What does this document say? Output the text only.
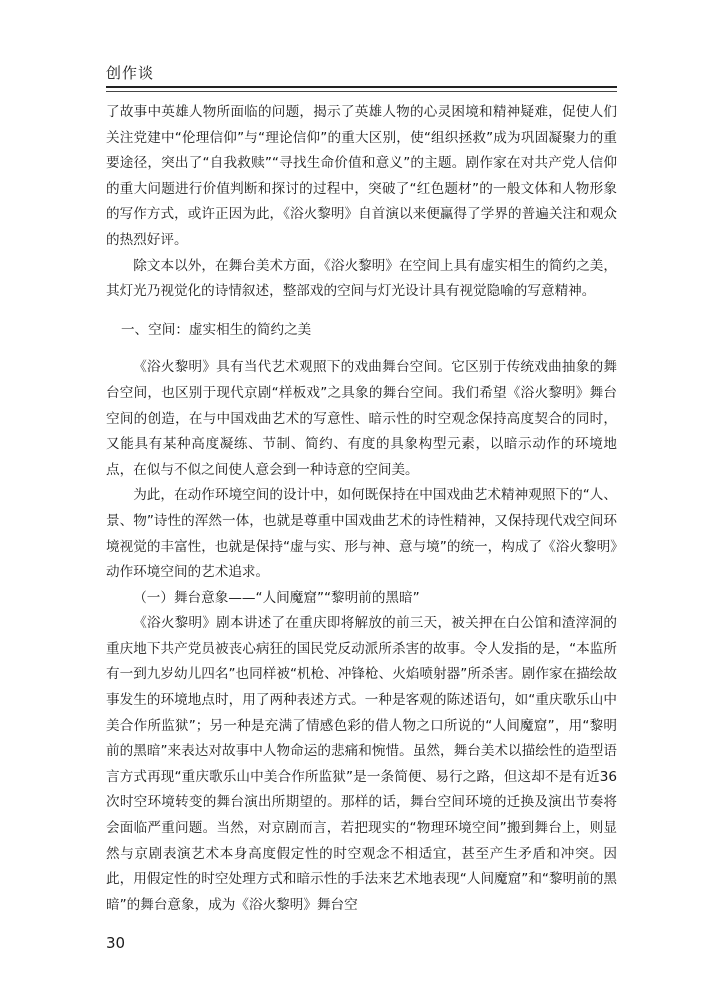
创作谈

了故事中英雄人物所面临的问题，揭示了英雄人物的心灵困境和精神疑难，促使人们关注党建中“伦理信仰”与“理论信仰”的重大区别，使“组织拯救”成为巩固凝聚力的重要途径，突出了“自我救赎”“寻找生命价值和意义”的主题。剧作家在对共产党人信仰的重大问题进行价值判断和探讨的过程中，突破了“红色题材”的一般文体和人物形象的写作方式，或许正因为此，《浴火黎明》自首演以来便赢得了学界的普遍关注和观众的热烈好评。

除文本以外，在舞台美术方面，《浴火黎明》在空间上具有虚实相生的简约之美，其灯光乃视觉化的诗情叙述，整部戏的空间与灯光设计具有视觉隐喻的写意精神。

一、空间：虚实相生的简约之美

《浴火黎明》具有当代艺术观照下的戏曲舞台空间。它区别于传统戏曲抽象的舞台空间，也区别于现代京剧“样板戏”之具象的舞台空间。我们希望《浴火黎明》舞台空间的创造，在与中国戏曲艺术的写意性、暗示性的时空观念保持高度契合的同时，又能具有某种高度凝练、节制、简约、有度的具象构型元素，以暗示动作的环境地点，在似与不似之间使人意会到一种诗意的空间美。

为此，在动作环境空间的设计中，如何既保持在中国戏曲艺术精神观照下的“人、景、物”诗性的浑然一体，也就是尊重中国戏曲艺术的诗性精神，又保持现代戏空间环境视觉的丰富性，也就是保持“虚与实、形与神、意与境”的统一，构成了《浴火黎明》动作环境空间的艺术追求。

（一）舞台意象——“人间魔窟”“黎明前的黑暗”

《浴火黎明》剧本讲述了在重庆即将解放的前三天，被关押在白公馆和渣滓洞的重庆地下共产党员被丧心病狂的国民党反动派所杀害的故事。令人发指的是，“本监所有一到九岁幼儿四名”也同样被“机枪、冲锋枪、火焰喷射器”所杀害。剧作家在描绘故事发生的环境地点时，用了两种表述方式。一种是客观的陈述语句，如“重庆歌乐山中美合作所监狱”；另一种是充满了情感色彩的借人物之口所说的“人间魔窟”，用“黎明前的黑暗”来表达对故事中人物命运的悲痛和惋惜。虽然，舞台美术以描绘性的造型语言方式再现“重庆歌乐山中美合作所监狱”是一条简便、易行之路，但这却不是有近36次时空环境转变的舞台演出所期望的。那样的话，舞台空间环境的迁换及演出节奏将会面临严重问题。当然，对京剧而言，若把现实的“物理环境空间”搬到舞台上，则显然与京剧表演艺术本身高度假定性的时空观念不相适宜，甚至产生矛盾和冲突。因此，用假定性的时空处理方式和暗示性的手法来艺术地表现“人间魔窟”和“黎明前的黑暗”的舞台意象，成为《浴火黎明》舞台空

30
